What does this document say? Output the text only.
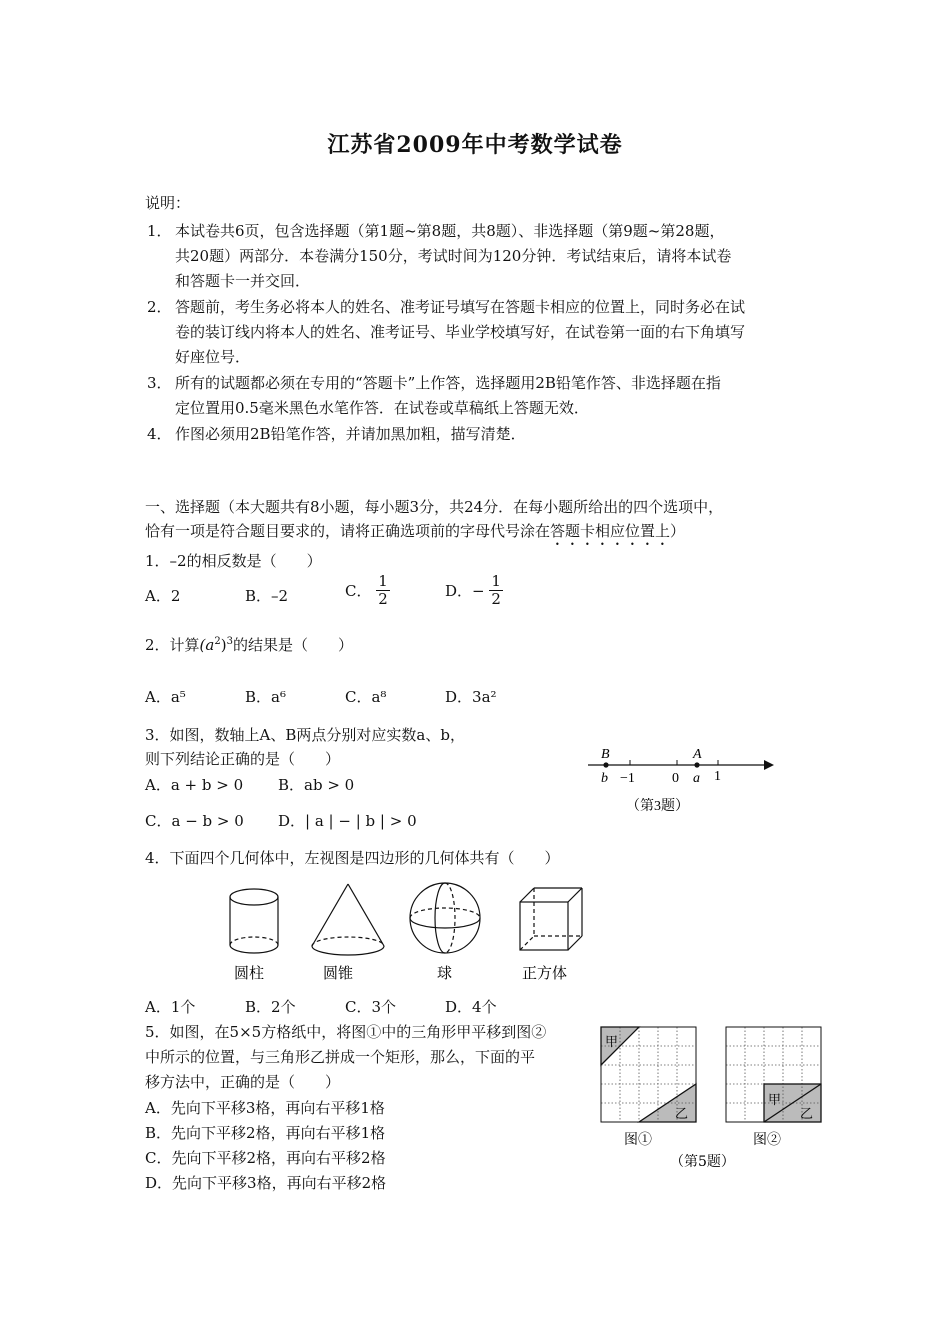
江苏省2009年中考数学试卷
说明：
1． 本试卷共6页，包含选择题（第1题~第8题，共8题）、非选择题（第9题~第28题，
共20题）两部分．本卷满分150分，考试时间为120分钟．考试结束后，请将本试卷
和答题卡一并交回．
2． 答题前，考生务必将本人的姓名、准考证号填写在答题卡相应的位置上，同时务必在试
卷的装订线内将本人的姓名、准考证号、毕业学校填写好，在试卷第一面的右下角填写
好座位号．
3． 所有的试题都必须在专用的“答题卡”上作答，选择题用2B铅笔作答、非选择题在指
定位置用0.5毫米黑色水笔作答．在试卷或草稿纸上答题无效．
4． 作图必须用2B铅笔作答，并请加黑加粗，描写清楚．
一、选择题（本大题共有8小题，每小题3分，共24分．在每小题所给出的四个选项中，
恰有一项是符合题目要求的，请将正确选项前的字母代号涂在答题卡相应位置上）
1．–2的相反数是（　　）
A．2	B．–2	C． $\frac{1}{2}$	D．− $\frac{1}{2}$
2．计算$(a^2)^3$的结果是（　　）
A．a⁵	B．a⁶	C．a⁸	D．3a²
3．如图，数轴上A、B两点分别对应实数a、b，
则下列结论正确的是（　　）
A．a + b > 0 B．ab > 0
C．a − b > 0 D．| a | − | b | > 0
B	A
b −1	0 a 1
（第3题）
4．下面四个几何体中，左视图是四边形的几何体共有（　　）
圆柱	圆锥	球	正方体
A．1个	B．2个	C．3个	D．4个
5．如图，在5×5方格纸中，将图①中的三角形甲平移到图②
中所示的位置，与三角形乙拼成一个矩形，那么，下面的平
移方法中，正确的是（　　）
A．先向下平移3格，再向右平移1格
B．先向下平移2格，再向右平移1格
C．先向下平移2格，再向右平移2格
D．先向下平移3格，再向右平移2格
甲
乙
甲
乙
图①	图②
（第5题）
